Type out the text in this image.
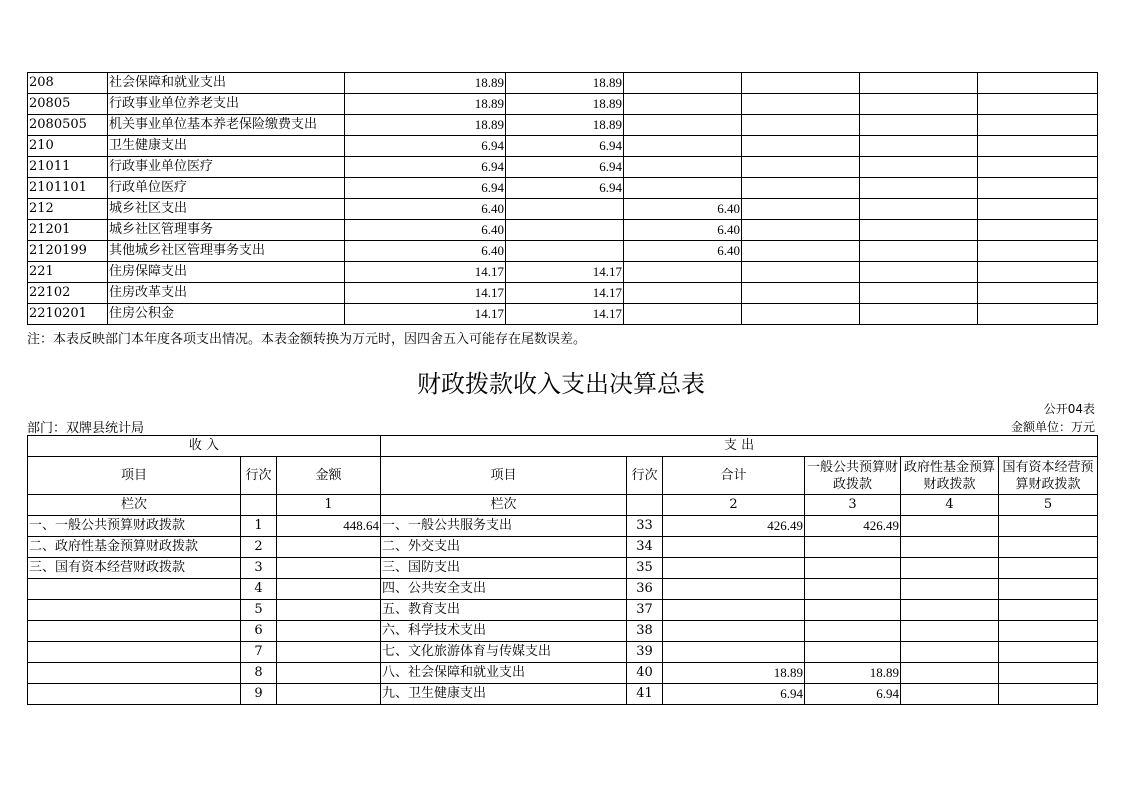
208	社会保障和就业支出	18.89	18.89				
20805	行政事业单位养老支出	18.89	18.89				
2080505	机关事业单位基本养老保险缴费支出	18.89	18.89				
210	卫生健康支出	6.94	6.94				
21011	行政事业单位医疗	6.94	6.94				
2101101	行政单位医疗	6.94	6.94				
212	城乡社区支出	6.40		6.40			
21201	城乡社区管理事务	6.40		6.40			
2120199	其他城乡社区管理事务支出	6.40		6.40			
221	住房保障支出	14.17	14.17				
22102	住房改革支出	14.17	14.17				
2210201	住房公积金	14.17	14.17				
注：本表反映部门本年度各项支出情况。本表金额转换为万元时，因四舍五入可能存在尾数误差。
财政拨款收入支出决算总表
公开04表
部门：双牌县统计局	金额单位：万元
收 入			支 出					
项目	行次	金额	项目	行次	合计	一般公共预算财政拨款	政府性基金预算财政拨款	国有资本经营预算财政拨款
栏次		1	栏次		2	3	4	5
一、一般公共预算财政拨款	1	448.64	一、一般公共服务支出	33	426.49	426.49		
二、政府性基金预算财政拨款	2		二、外交支出	34				
三、国有资本经营财政拨款	3		三、国防支出	35				
	4		四、公共安全支出	36				
	5		五、教育支出	37				
	6		六、科学技术支出	38				
	7		七、文化旅游体育与传媒支出	39				
	8		八、社会保障和就业支出	40	18.89	18.89		
	9		九、卫生健康支出	41	6.94	6.94		
